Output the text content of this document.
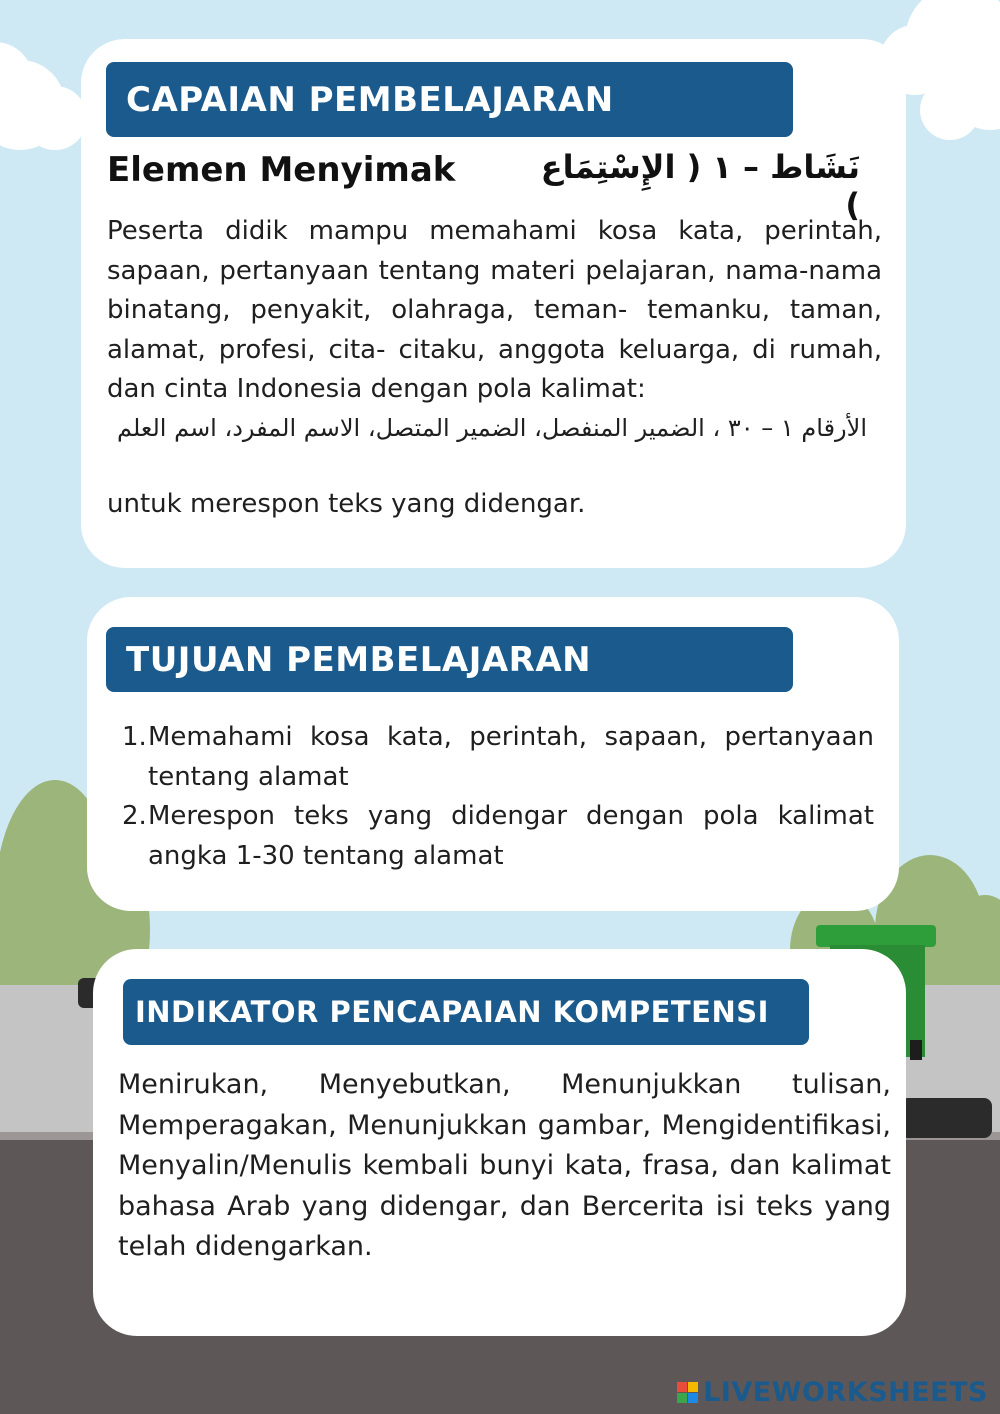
CAPAIAN PEMBELAJARAN
Elemen Menyimak	نَشَاط – ١ ( الإِسْتِمَاع )
Peserta didik mampu memahami kosa kata, perintah, sapaan, pertanyaan tentang materi pelajaran, nama-nama binatang, penyakit, olahraga, teman- temanku, taman, alamat, profesi, cita- citaku, anggota keluarga, di rumah, dan cinta Indonesia dengan pola kalimat:
الأرقام ١ – ٣٠ ، الضمير المنفصل، الضمير المتصل، الاسم المفرد، اسم العلم
untuk merespon teks yang didengar.
TUJUAN PEMBELAJARAN
1. Memahami kosa kata, perintah, sapaan, pertanyaan tentang alamat
2. Merespon teks yang didengar dengan pola kalimat angka 1-30 tentang alamat
INDIKATOR PENCAPAIAN KOMPETENSI
Menirukan, Menyebutkan, Menunjukkan tulisan, Memperagakan, Menunjukkan gambar, Mengidentifikasi, Menyalin/Menulis kembali bunyi kata, frasa, dan kalimat bahasa Arab yang didengar, dan Bercerita isi teks yang telah didengarkan.
LIVEWORKSHEETS
